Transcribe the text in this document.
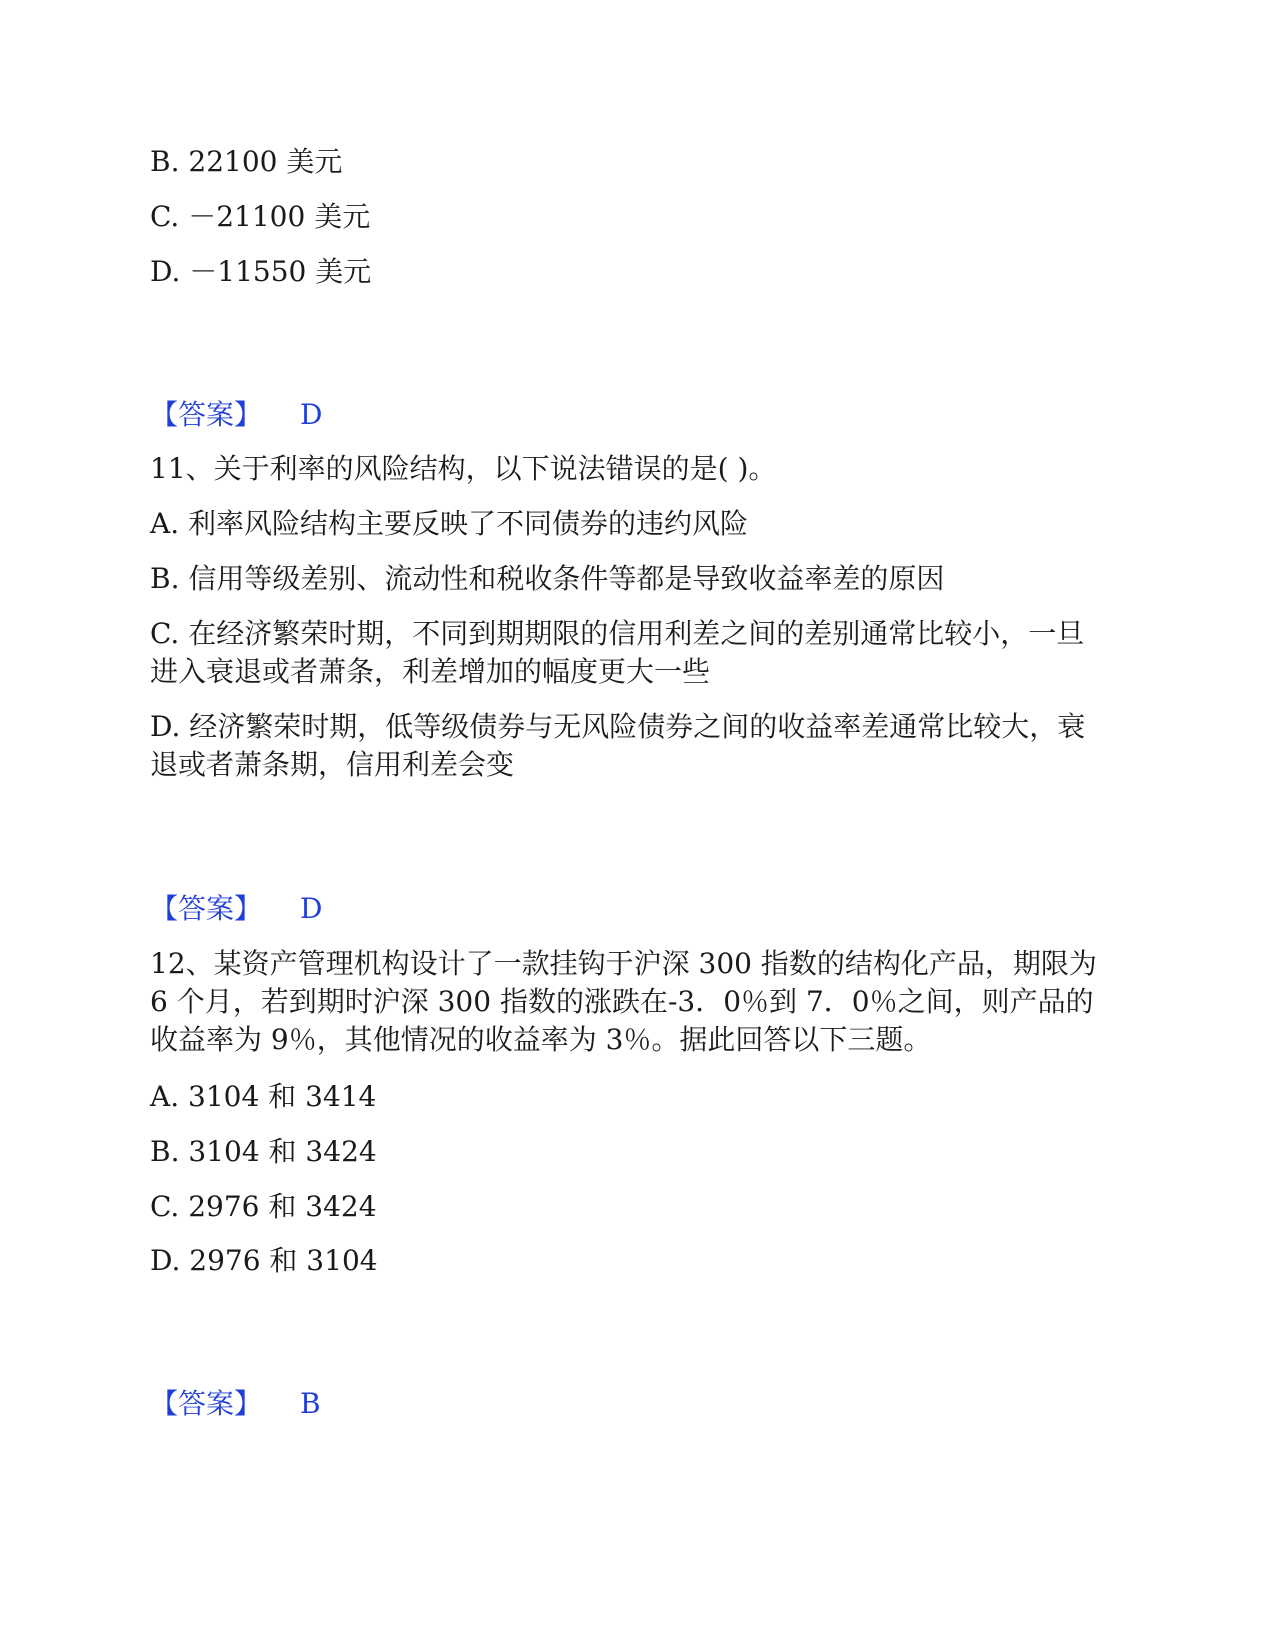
B. 22100 美元
C. －21100 美元
D. －11550 美元
【答案】 D
11、关于利率的风险结构，以下说法错误的是( )。
A. 利率风险结构主要反映了不同债券的违约风险
B. 信用等级差别、流动性和税收条件等都是导致收益率差的原因
C. 在经济繁荣时期，不同到期期限的信用利差之间的差别通常比较小，一旦
进入衰退或者萧条，利差增加的幅度更大一些
D. 经济繁荣时期，低等级债券与无风险债券之间的收益率差通常比较大，衰
退或者萧条期，信用利差会变
【答案】 D
12、某资产管理机构设计了一款挂钩于沪深 300 指数的结构化产品，期限为
6 个月，若到期时沪深 300 指数的涨跌在-3．0％到 7．0％之间，则产品的
收益率为 9％，其他情况的收益率为 3％。据此回答以下三题。
A. 3104 和 3414
B. 3104 和 3424
C. 2976 和 3424
D. 2976 和 3104
【答案】 B
